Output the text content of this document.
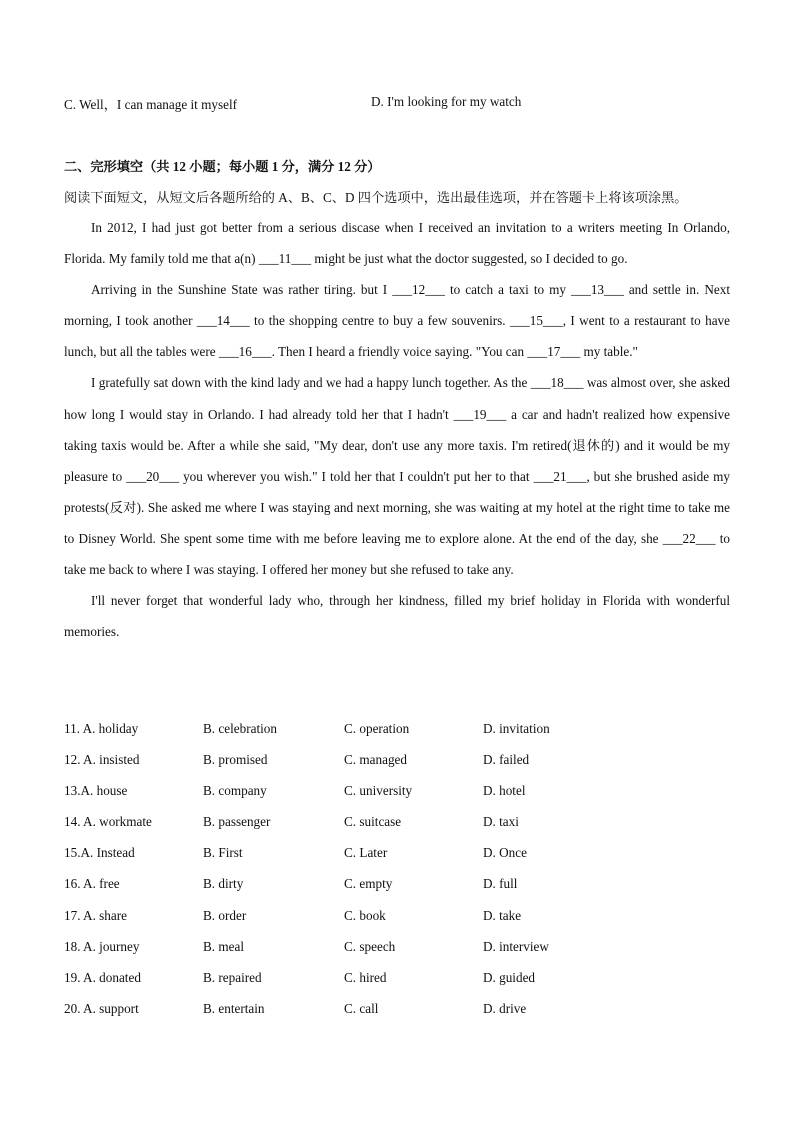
C. Well，I can manage it myself	D. I'm looking for my watch
二、完形填空（共 12 小题；每小题 1 分，满分 12 分）
阅读下面短文，从短文后各题所给的 A、B、C、D 四个选项中，选出最佳选项，并在答题卡上将该项涂黑。

In 2012, I had just got better from a serious discase when I received an invitation to a writers meeting In Orlando, Florida. My family told me that a(n) ___11___ might be just what the doctor suggested, so I decided to go.

Arriving in the Sunshine State was rather tiring. but I ___12___ to catch a taxi to my ___13___ and settle in. Next morning, I took another ___14___ to the shopping centre to buy a few souvenirs. ___15___, I went to a restaurant to have lunch, but all the tables were ___16___. Then I heard a friendly voice saying. "You can ___17___ my table."

I gratefully sat down with the kind lady and we had a happy lunch together. As the ___18___ was almost over, she asked how long I would stay in Orlando. I had already told her that I hadn't ___19___ a car and hadn't realized how expensive taking taxis would be. After a while she said, "My dear, don't use any more taxis. I'm retired(退休的) and it would be my pleasure to ___20___ you wherever you wish." I told her that I couldn't put her to that ___21___, but she brushed aside my protests(反对). She asked me where I was staying and next morning, she was waiting at my hotel at the right time to take me to Disney World. She spent some time with me before leaving me to explore alone. At the end of the day, she ___22___ to take me back to where I was staying. I offered her money but she refused to take any.

I'll never forget that wonderful lady who, through her kindness, filled my brief holiday in Florida with wonderful memories.

11. A. holiday	B. celebration	C. operation	D. invitation
12. A. insisted	B. promised	C. managed	D. failed
13.A. house	B. company	C. university	D. hotel
14. A. workmate	B. passenger	C. suitcase	D. taxi
15.A. Instead	B. First	C. Later	D. Once
16. A. free	B. dirty	C. empty	D. full
17. A. share	B. order	C. book	D. take
18. A. journey	B. meal	C. speech	D. interview
19. A. donated	B. repaired	C. hired	D. guided
20. A. support	B. entertain	C. call	D. drive
